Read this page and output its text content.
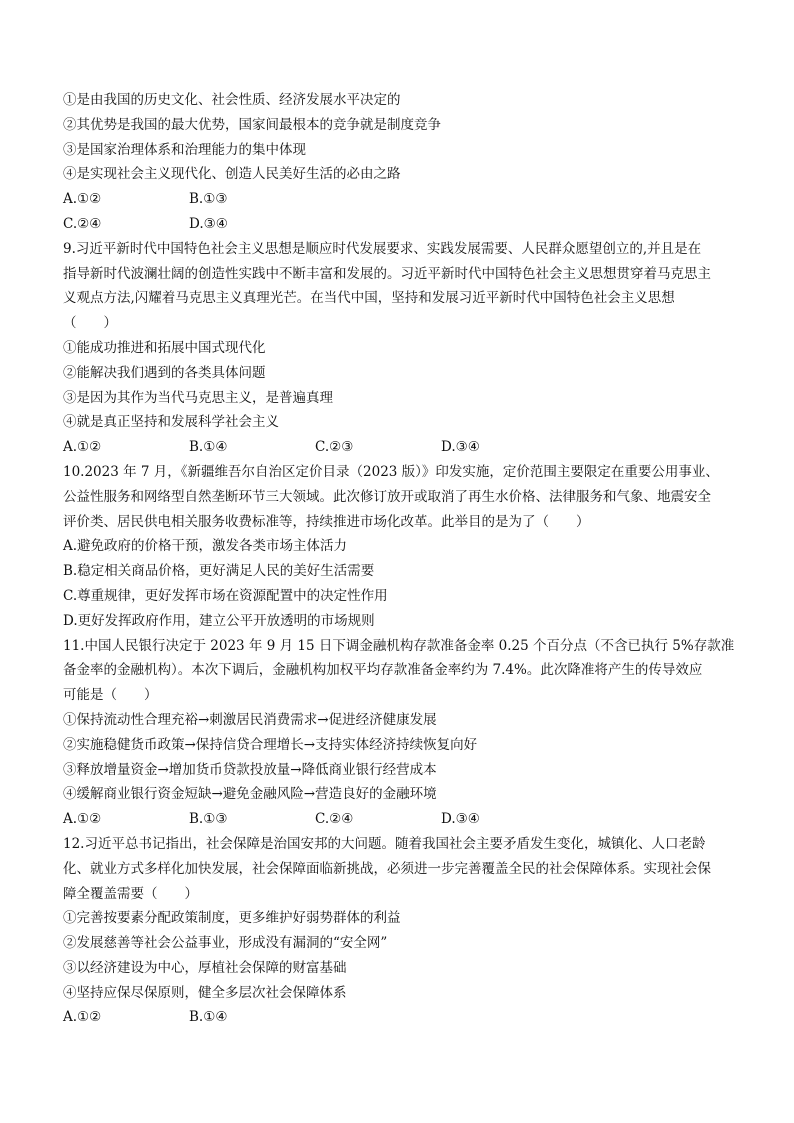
①是由我国的历史文化、社会性质、经济发展水平决定的
②其优势是我国的最大优势，国家间最根本的竞争就是制度竞争
③是国家治理体系和治理能力的集中体现
④是实现社会主义现代化、创造人民美好生活的必由之路
A.①②	B.①③
C.②④	D.③④
9.习近平新时代中国特色社会主义思想是顺应时代发展要求、实践发展需要、人民群众愿望创立的,并且是在
指导新时代波澜壮阔的创造性实践中不断丰富和发展的。习近平新时代中国特色社会主义思想贯穿着马克思主
义观点方法,闪耀着马克思主义真理光芒。在当代中国，坚持和发展习近平新时代中国特色社会主义思想
（　　）
①能成功推进和拓展中国式现代化
②能解决我们遇到的各类具体问题
③是因为其作为当代马克思主义，是普遍真理
④就是真正坚持和发展科学社会主义
A.①②	B.①④	C.②③	D.③④
10.2023 年 7 月，《新疆维吾尔自治区定价目录（2023 版）》印发实施，定价范围主要限定在重要公用事业、
公益性服务和网络型自然垄断环节三大领域。此次修订放开或取消了再生水价格、法律服务和气象、地震安全
评价类、居民供电相关服务收费标准等，持续推进市场化改革。此举目的是为了（　　）
A.避免政府的价格干预，激发各类市场主体活力
B.稳定相关商品价格，更好满足人民的美好生活需要
C.尊重规律，更好发挥市场在资源配置中的决定性作用
D.更好发挥政府作用，建立公平开放透明的市场规则
11.中国人民银行决定于 2023 年 9 月 15 日下调金融机构存款准备金率 0.25 个百分点（不含已执行 5%存款准
备金率的金融机构）。本次下调后，金融机构加权平均存款准备金率约为 7.4%。此次降准将产生的传导效应
可能是（　　）
①保持流动性合理充裕→刺激居民消费需求→促进经济健康发展
②实施稳健货币政策→保持信贷合理增长→支持实体经济持续恢复向好
③释放增量资金→增加货币贷款投放量→降低商业银行经营成本
④缓解商业银行资金短缺→避免金融风险→营造良好的金融环境
A.①②	B.①③	C.②④	D.③④
12.习近平总书记指出，社会保障是治国安邦的大问题。随着我国社会主要矛盾发生变化，城镇化、人口老龄
化、就业方式多样化加快发展，社会保障面临新挑战，必须进一步完善覆盖全民的社会保障体系。实现社会保
障全覆盖需要（　　）
①完善按要素分配政策制度，更多维护好弱势群体的利益
②发展慈善等社会公益事业，形成没有漏洞的“安全网”
③以经济建设为中心，厚植社会保障的财富基础
④坚持应保尽保原则，健全多层次社会保障体系
A.①②	B.①④
